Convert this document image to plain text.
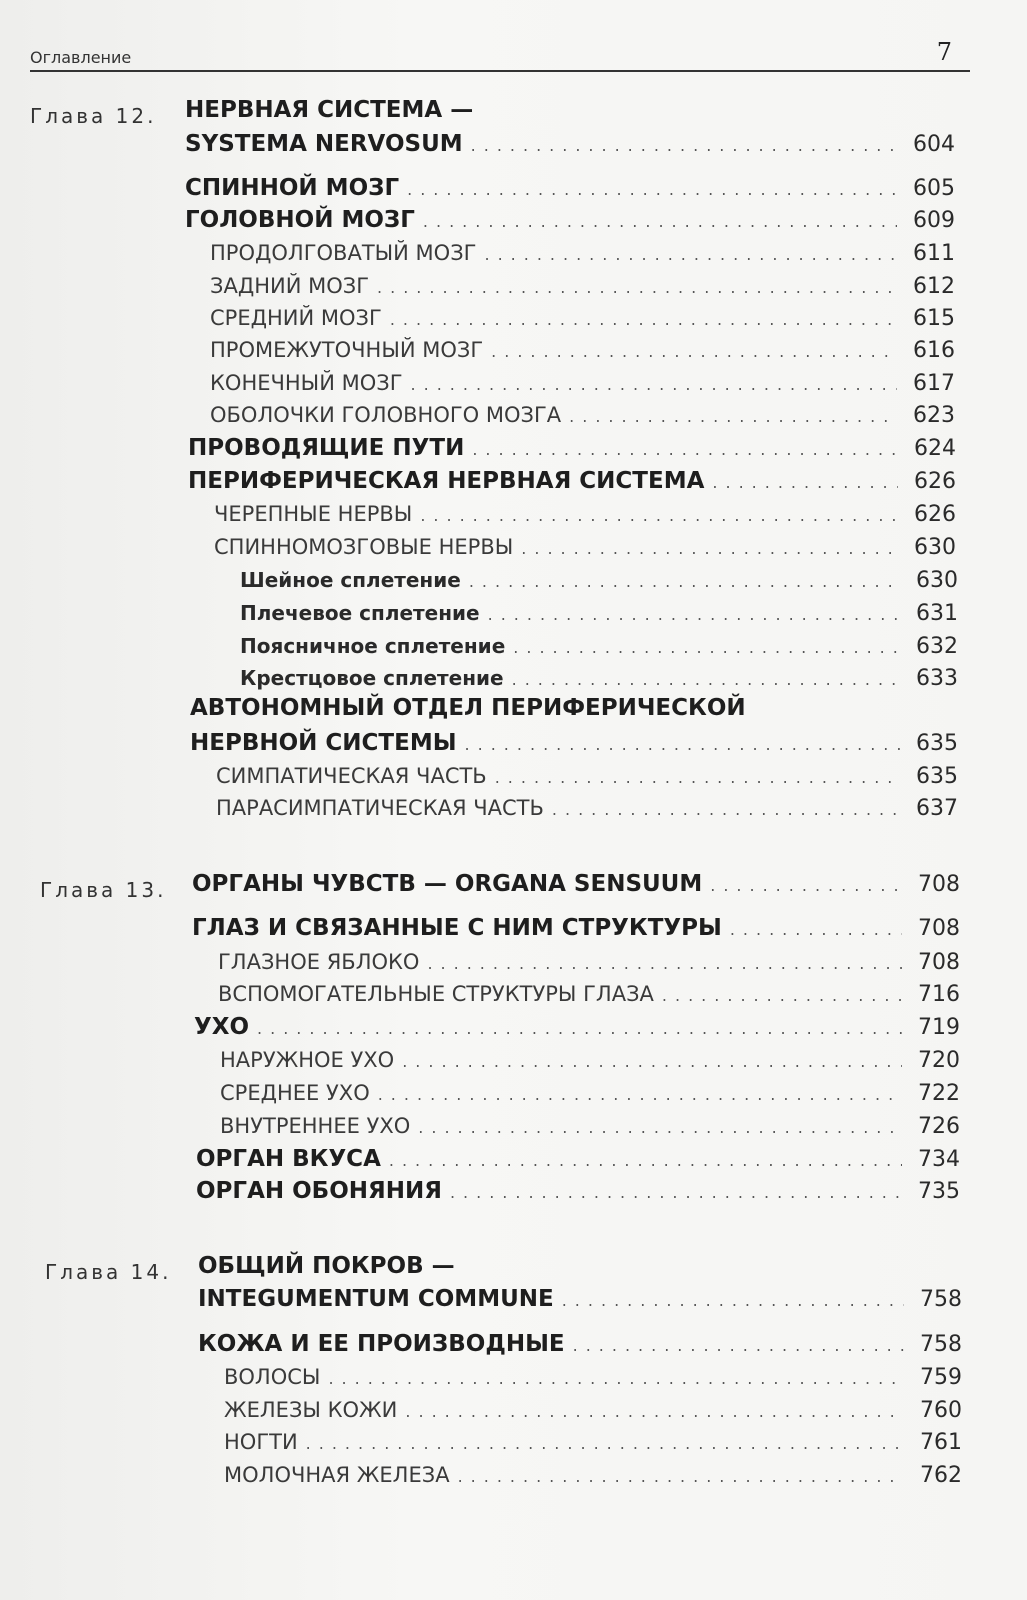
Оглавление	7
Глава 12. НЕРВНАЯ СИСТЕМА —
SYSTEMA NERVOSUM .....	604
СПИННОЙ МОЗГ .....	605
ГОЛОВНОЙ МОЗГ .....	609
ПРОДОЛГОВАТЫЙ МОЗГ .....	611
ЗАДНИЙ МОЗГ .....	612
СРЕДНИЙ МОЗГ .....	615
ПРОМЕЖУТОЧНЫЙ МОЗГ .....	616
КОНЕЧНЫЙ МОЗГ .....	617
ОБОЛОЧКИ ГОЛОВНОГО МОЗГА .....	623
ПРОВОДЯЩИЕ ПУТИ .....	624
ПЕРИФЕРИЧЕСКАЯ НЕРВНАЯ СИСТЕМА .....	626
ЧЕРЕПНЫЕ НЕРВЫ .....	626
СПИННОМОЗГОВЫЕ НЕРВЫ .....	630
Шейное сплетение .....	630
Плечевое сплетение .....	631
Поясничное сплетение .....	632
Крестцовое сплетение .....	633
АВТОНОМНЫЙ ОТДЕЛ ПЕРИФЕРИЧЕСКОЙ
НЕРВНОЙ СИСТЕМЫ .....	635
СИМПАТИЧЕСКАЯ ЧАСТЬ .....	635
ПАРАСИМПАТИЧЕСКАЯ ЧАСТЬ .....	637
Глава 13. ОРГАНЫ ЧУВСТВ — ORGANA SENSUUM .....	708
ГЛАЗ И СВЯЗАННЫЕ С НИМ СТРУКТУРЫ .....	708
ГЛАЗНОЕ ЯБЛОКО .....	708
ВСПОМОГАТЕЛЬНЫЕ СТРУКТУРЫ ГЛАЗА .....	716
УХО .....	719
НАРУЖНОЕ УХО .....	720
СРЕДНЕЕ УХО .....	722
ВНУТРЕННЕЕ УХО .....	726
ОРГАН ВКУСА .....	734
ОРГАН ОБОНЯНИЯ .....	735
Глава 14. ОБЩИЙ ПОКРОВ —
INTEGUMENTUM COMMUNE .....	758
КОЖА И ЕЕ ПРОИЗВОДНЫЕ .....	758
ВОЛОСЫ .....	759
ЖЕЛЕЗЫ КОЖИ .....	760
НОГТИ .....	761
МОЛОЧНАЯ ЖЕЛЕЗА .....	762
